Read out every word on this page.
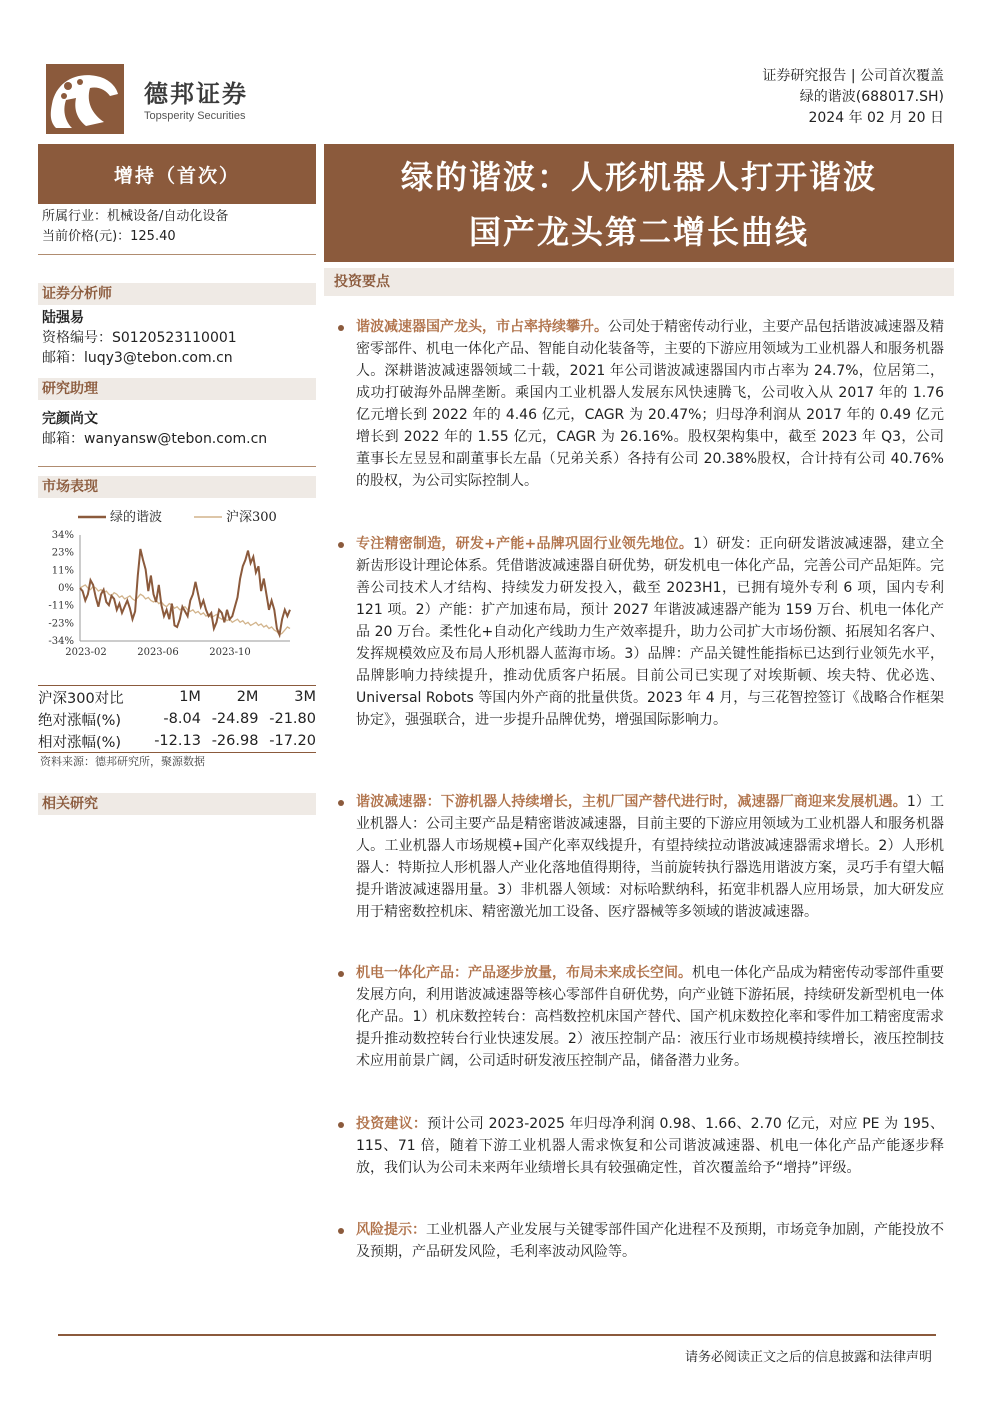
德邦证券
Topsperity Securities
证券研究报告 | 公司首次覆盖
绿的谐波(688017.SH)
2024 年 02 月 20 日
增持（首次）
所属行业：机械设备/自动化设备
当前价格(元)：125.40
证券分析师
陆强易
资格编号：S0120523110001
邮箱：luqy3@tebon.com.cn
研究助理
完颜尚文
邮箱：wanyansw@tebon.com.cn
市场表现
绿的谐波	沪深300
34%
23%
11%
0%
-11%
-23%
-34%
2023-02	2023-06	2023-10
沪深300对比	1M	2M	3M
绝对涨幅(%)	-8.04	-24.89	-21.80
相对涨幅(%)	-12.13	-26.98	-17.20
资料来源：德邦研究所，聚源数据
相关研究
绿的谐波：人形机器人打开谐波
国产龙头第二增长曲线
投资要点
谐波减速器国产龙头，市占率持续攀升。公司处于精密传动行业，主要产品包括谐波减速器及精密零部件、机电一体化产品、智能自动化装备等，主要的下游应用领域为工业机器人和服务机器人。深耕谐波减速器领域二十载，2021 年公司谐波减速器国内市占率为 24.7%，位居第二，成功打破海外品牌垄断。乘国内工业机器人发展东风快速腾飞，公司收入从 2017 年的 1.76 亿元增长到 2022 年的 4.46 亿元，CAGR 为 20.47%；归母净利润从 2017 年的 0.49 亿元增长到 2022 年的 1.55 亿元，CAGR 为 26.16%。股权架构集中，截至 2023 年 Q3，公司董事长左昱昱和副董事长左晶（兄弟关系）各持有公司 20.38%股权，合计持有公司 40.76%的股权，为公司实际控制人。
专注精密制造，研发+产能+品牌巩固行业领先地位。1）研发：正向研发谐波减速器，建立全新齿形设计理论体系。凭借谐波减速器自研优势，研发机电一体化产品，完善公司产品矩阵。完善公司技术人才结构、持续发力研发投入，截至 2023H1，已拥有境外专利 6 项，国内专利 121 项。2）产能：扩产加速布局，预计 2027 年谐波减速器产能为 159 万台、机电一体化产品 20 万台。柔性化+自动化产线助力生产效率提升，助力公司扩大市场份额、拓展知名客户、发挥规模效应及布局人形机器人蓝海市场。3）品牌：产品关键性能指标已达到行业领先水平，品牌影响力持续提升，推动优质客户拓展。目前公司已实现了对埃斯顿、埃夫特、优必选、Universal Robots 等国内外产商的批量供货。2023 年 4 月，与三花智控签订《战略合作框架协定》，强强联合，进一步提升品牌优势，增强国际影响力。
谐波减速器：下游机器人持续增长，主机厂国产替代进行时，减速器厂商迎来发展机遇。1）工业机器人：公司主要产品是精密谐波减速器，目前主要的下游应用领域为工业机器人和服务机器人。工业机器人市场规模+国产化率双线提升，有望持续拉动谐波减速器需求增长。2）人形机器人：特斯拉人形机器人产业化落地值得期待，当前旋转执行器选用谐波方案，灵巧手有望大幅提升谐波减速器用量。3）非机器人领域：对标哈默纳科，拓宽非机器人应用场景，加大研发应用于精密数控机床、精密激光加工设备、医疗器械等多领域的谐波减速器。
机电一体化产品：产品逐步放量，布局未来成长空间。机电一体化产品成为精密传动零部件重要发展方向，利用谐波减速器等核心零部件自研优势，向产业链下游拓展，持续研发新型机电一体化产品。1）机床数控转台：高档数控机床国产替代、国产机床数控化率和零件加工精密度需求提升推动数控转台行业快速发展。2）液压控制产品：液压行业市场规模持续增长，液压控制技术应用前景广阔，公司适时研发液压控制产品，储备潜力业务。
投资建议：预计公司 2023-2025 年归母净利润 0.98、1.66、2.70 亿元，对应 PE 为 195、115、71 倍，随着下游工业机器人需求恢复和公司谐波减速器、机电一体化产品产能逐步释放，我们认为公司未来两年业绩增长具有较强确定性，首次覆盖给予“增持”评级。
风险提示：工业机器人产业发展与关键零部件国产化进程不及预期，市场竞争加剧，产能投放不及预期，产品研发风险，毛利率波动风险等。
请务必阅读正文之后的信息披露和法律声明
